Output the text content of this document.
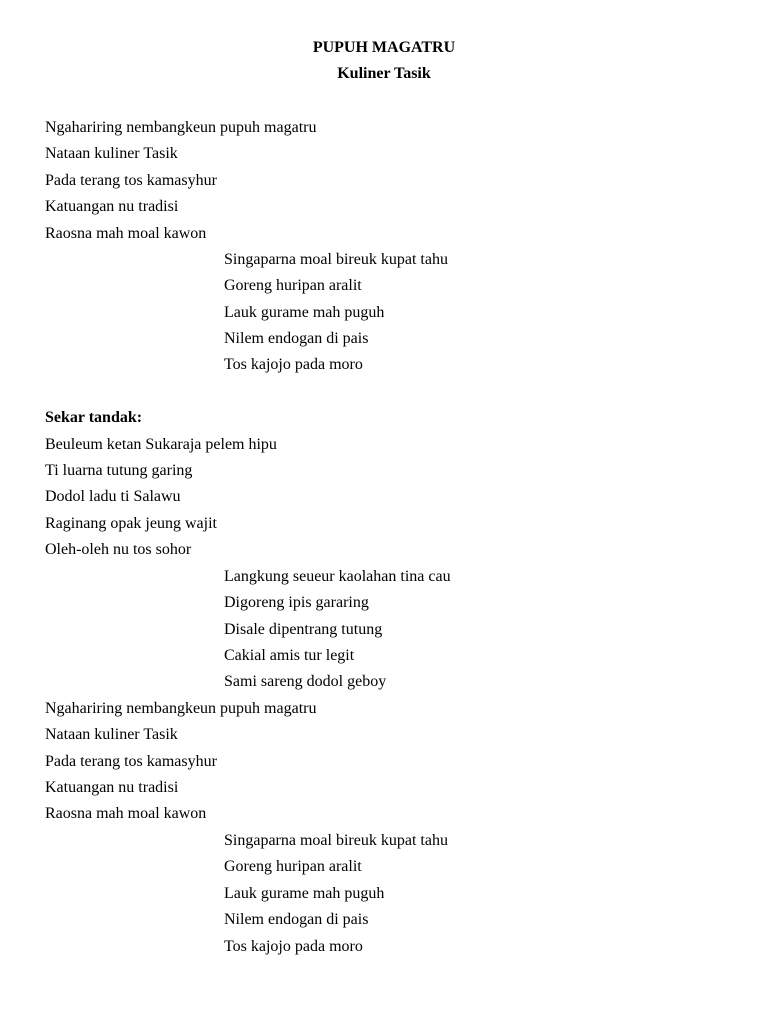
PUPUH MAGATRU

Kuliner Tasik

Ngahariring nembangkeun pupuh magatru

Nataan kuliner Tasik

Pada terang tos kamasyhur

Katuangan nu tradisi

Raosna mah moal kawon

Singaparna moal bireuk kupat tahu

Goreng huripan aralit

Lauk gurame mah puguh

Nilem endogan di pais

Tos kajojo pada moro

Sekar tandak:

Beuleum ketan Sukaraja pelem hipu

Ti luarna tutung garing

Dodol ladu ti Salawu

Raginang opak jeung wajit

Oleh-oleh nu tos sohor

Langkung seueur kaolahan tina cau

Digoreng ipis gararing

Disale dipentrang tutung

Cakial amis tur legit

Sami sareng dodol geboy

Ngahariring nembangkeun pupuh magatru

Nataan kuliner Tasik

Pada terang tos kamasyhur

Katuangan nu tradisi

Raosna mah moal kawon

Singaparna moal bireuk kupat tahu

Goreng huripan aralit

Lauk gurame mah puguh

Nilem endogan di pais

Tos kajojo pada moro
